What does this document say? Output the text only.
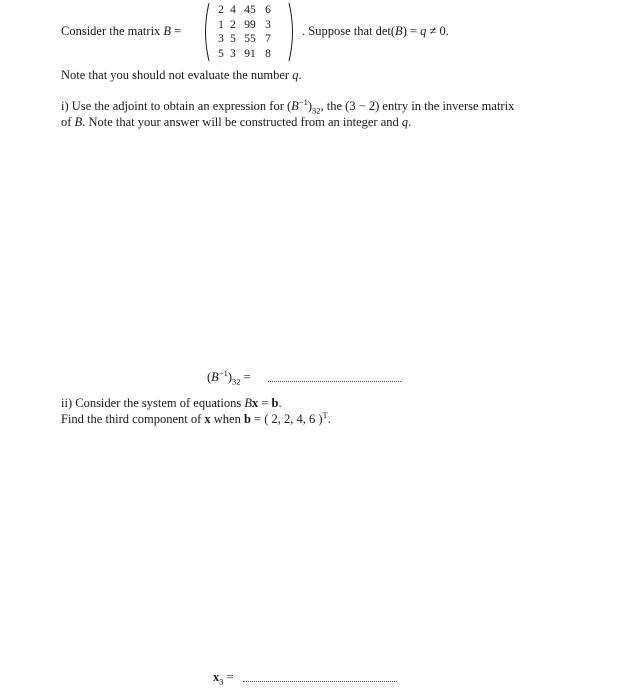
Consider the matrix B =
2 4 45 6
1 2 99 3
3 5 55 7
5 3 91 8
. Suppose that det(B) = q ≠ 0.
Note that you should not evaluate the number q.
i) Use the adjoint to obtain an expression for $(B^{-1})_{32}$, the (3 − 2) entry in the inverse matrix
of B. Note that your answer will be constructed from an integer and q.
$(B^{-1})_{32}$ =
ii) Consider the system of equations Bx = b.
Find the third component of x when b = ( 2, 2, 4, 6 )$^T$.
$x_3$ =
